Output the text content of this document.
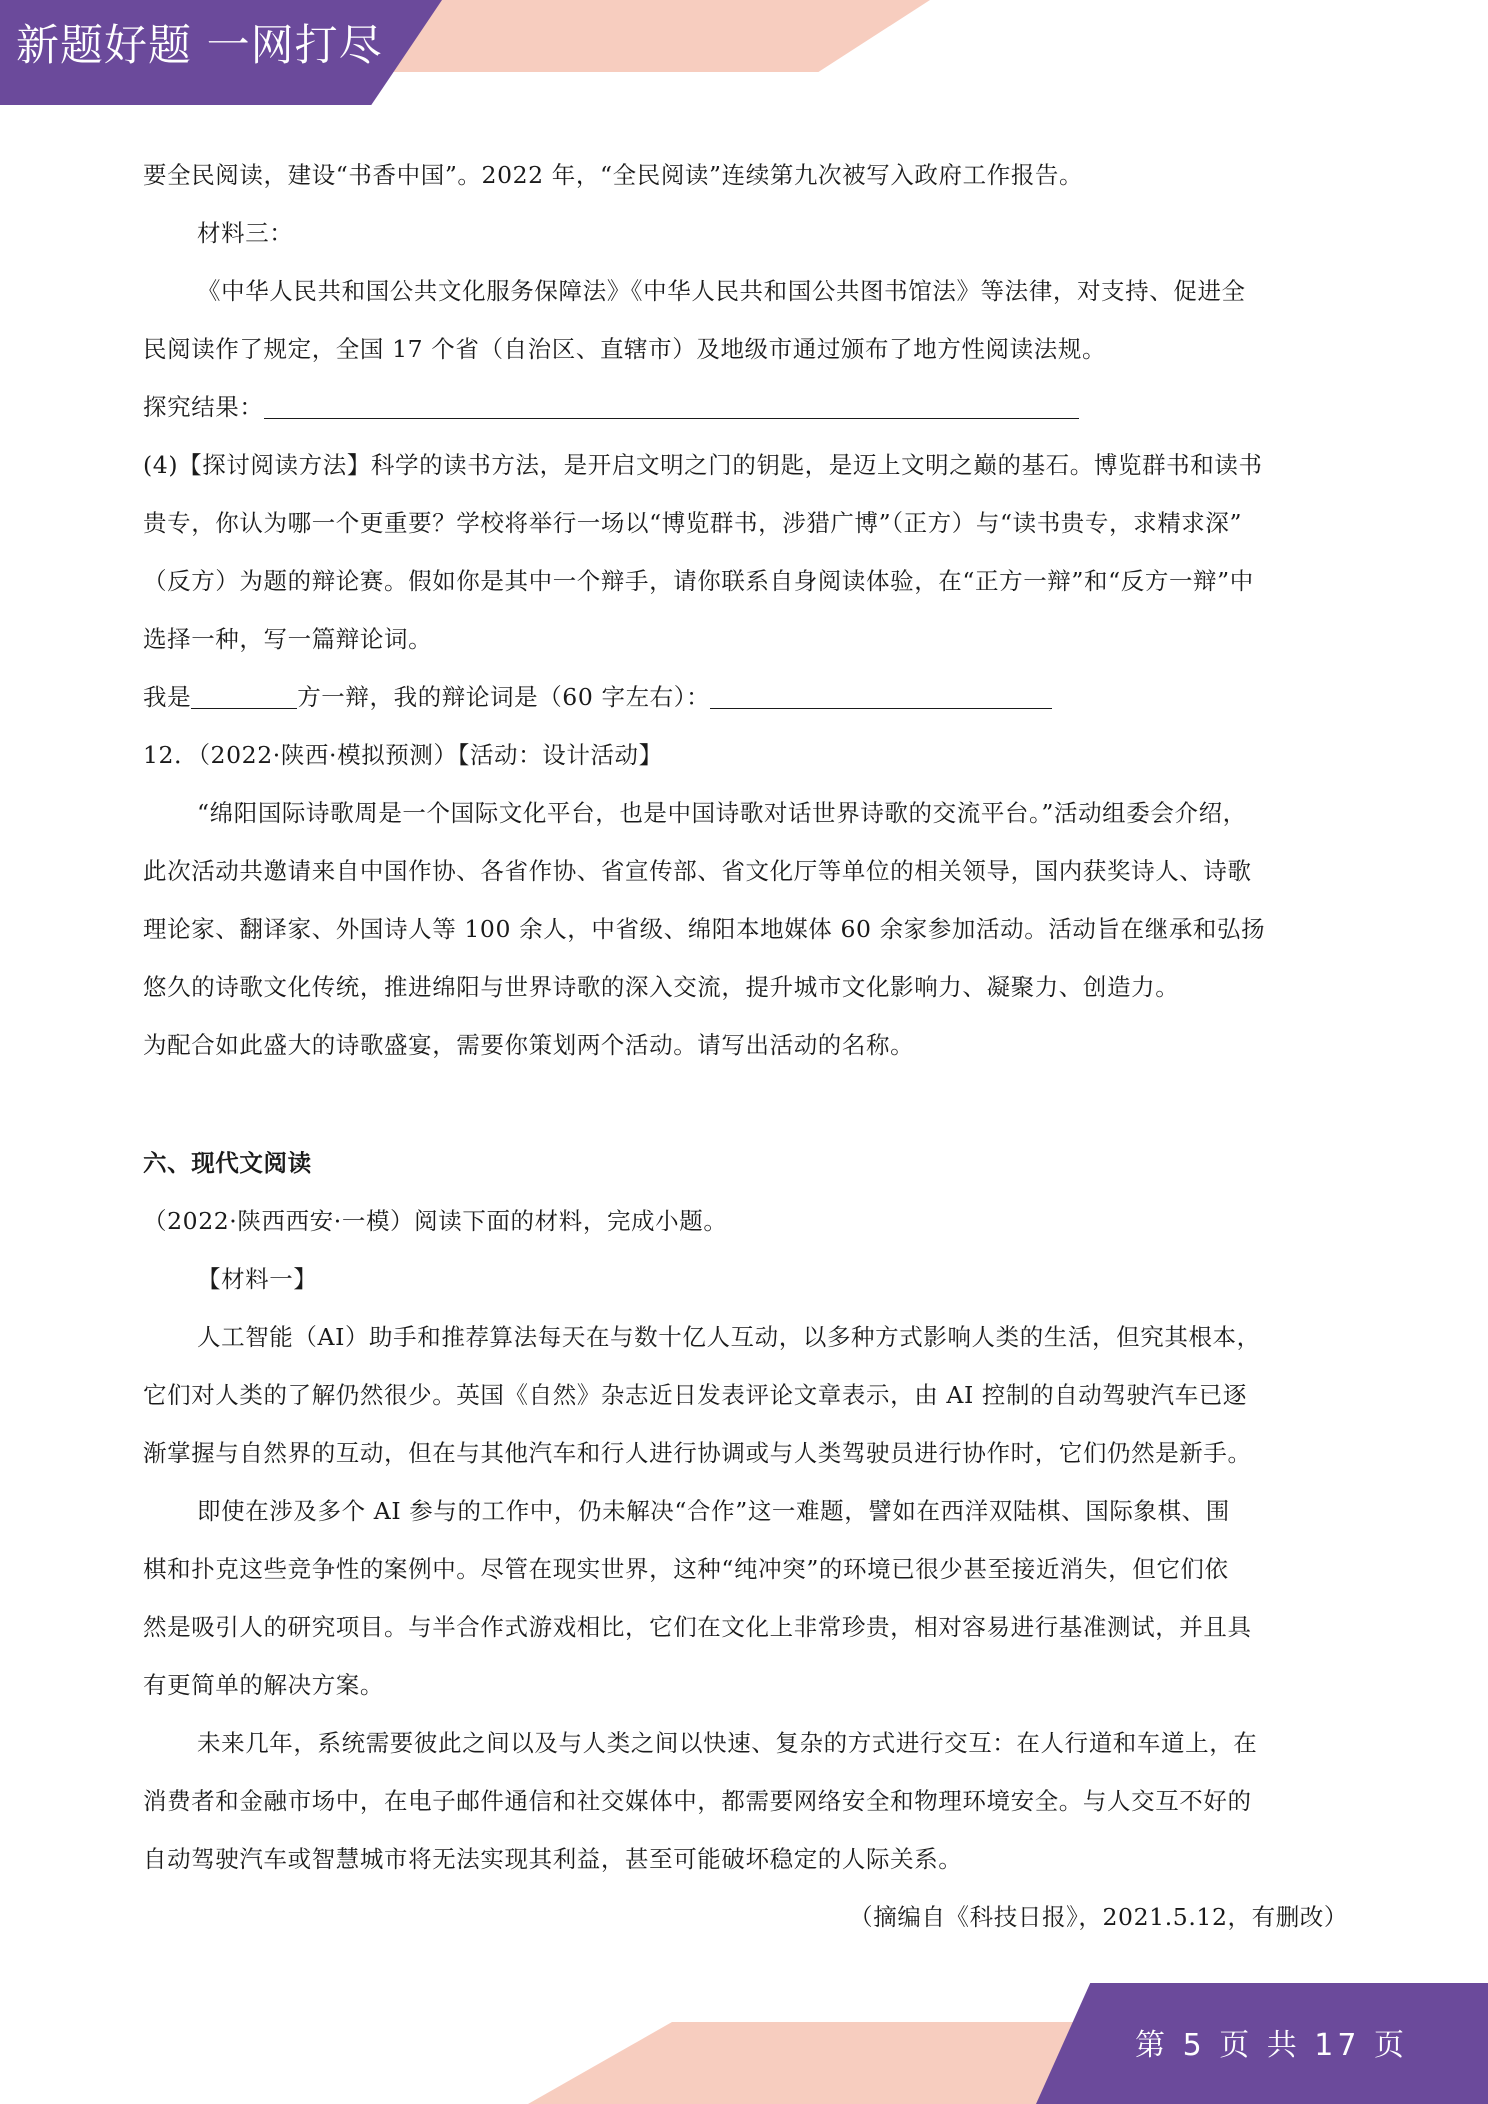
新题好题 一网打尽

要全民阅读，建设“书香中国”。2022 年，“全民阅读”连续第九次被写入政府工作报告。

材料三：

《中华人民共和国公共文化服务保障法》《中华人民共和国公共图书馆法》等法律，对支持、促进全

民阅读作了规定，全国 17 个省（自治区、直辖市）及地级市通过颁布了地方性阅读法规。

探究结果：

(4)【探讨阅读方法】科学的读书方法，是开启文明之门的钥匙，是迈上文明之巅的基石。博览群书和读书

贵专，你认为哪一个更重要？学校将举行一场以“博览群书，涉猎广博”（正方）与“读书贵专，求精求深”

（反方）为题的辩论赛。假如你是其中一个辩手，请你联系自身阅读体验，在“正方一辩”和“反方一辩”中

选择一种，写一篇辩论词。

我是	方一辩，我的辩论词是（60 字左右）：

12．（2022·陕西·模拟预测）【活动：设计活动】

“绵阳国际诗歌周是一个国际文化平台，也是中国诗歌对话世界诗歌的交流平台。”活动组委会介绍，

此次活动共邀请来自中国作协、各省作协、省宣传部、省文化厅等单位的相关领导，国内获奖诗人、诗歌

理论家、翻译家、外国诗人等 100 余人，中省级、绵阳本地媒体 60 余家参加活动。活动旨在继承和弘扬

悠久的诗歌文化传统，推进绵阳与世界诗歌的深入交流，提升城市文化影响力、凝聚力、创造力。

为配合如此盛大的诗歌盛宴，需要你策划两个活动。请写出活动的名称。

六、现代文阅读

（2022·陕西西安·一模）阅读下面的材料，完成小题。

【材料一】

人工智能（AI）助手和推荐算法每天在与数十亿人互动，以多种方式影响人类的生活，但究其根本，

它们对人类的了解仍然很少。英国《自然》杂志近日发表评论文章表示，由 AI 控制的自动驾驶汽车已逐

渐掌握与自然界的互动，但在与其他汽车和行人进行协调或与人类驾驶员进行协作时，它们仍然是新手。

即使在涉及多个 AI 参与的工作中，仍未解决“合作”这一难题，譬如在西洋双陆棋、国际象棋、围

棋和扑克这些竞争性的案例中。尽管在现实世界，这种“纯冲突”的环境已很少甚至接近消失，但它们依

然是吸引人的研究项目。与半合作式游戏相比，它们在文化上非常珍贵，相对容易进行基准测试，并且具

有更简单的解决方案。

未来几年，系统需要彼此之间以及与人类之间以快速、复杂的方式进行交互：在人行道和车道上，在

消费者和金融市场中，在电子邮件通信和社交媒体中，都需要网络安全和物理环境安全。与人交互不好的

自动驾驶汽车或智慧城市将无法实现其利益，甚至可能破坏稳定的人际关系。

（摘编自《科技日报》，2021.5.12，有删改）

第 5 页 共 17 页
